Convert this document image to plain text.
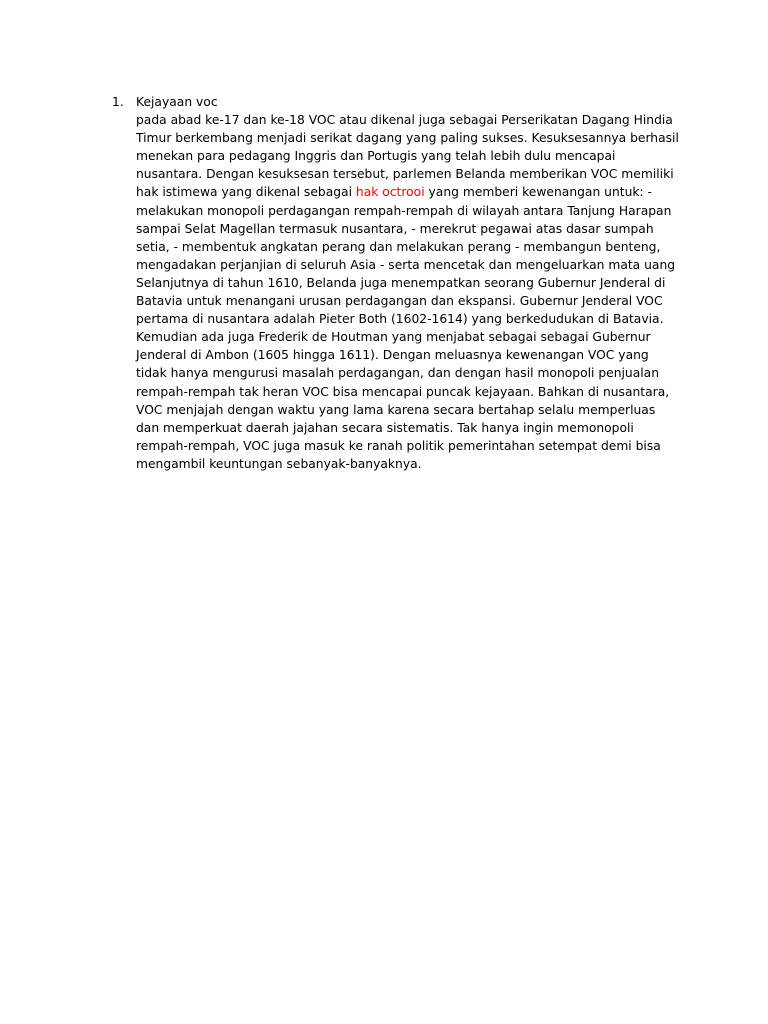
1. Kejayaan voc

pada abad ke-17 dan ke-18 VOC atau dikenal juga sebagai Perserikatan Dagang Hindia Timur berkembang menjadi serikat dagang yang paling sukses. Kesuksesannya berhasil menekan para pedagang Inggris dan Portugis yang telah lebih dulu mencapai nusantara. Dengan kesuksesan tersebut, parlemen Belanda memberikan VOC memiliki hak istimewa yang dikenal sebagai hak octrooi yang memberi kewenangan untuk: - melakukan monopoli perdagangan rempah-rempah di wilayah antara Tanjung Harapan sampai Selat Magellan termasuk nusantara, - merekrut pegawai atas dasar sumpah setia, - membentuk angkatan perang dan melakukan perang - membangun benteng, mengadakan perjanjian di seluruh Asia - serta mencetak dan mengeluarkan mata uang Selanjutnya di tahun 1610, Belanda juga menempatkan seorang Gubernur Jenderal di Batavia untuk menangani urusan perdagangan dan ekspansi. Gubernur Jenderal VOC pertama di nusantara adalah Pieter Both (1602-1614) yang berkedudukan di Batavia. Kemudian ada juga Frederik de Houtman yang menjabat sebagai sebagai Gubernur Jenderal di Ambon (1605 hingga 1611). Dengan meluasnya kewenangan VOC yang tidak hanya mengurusi masalah perdagangan, dan dengan hasil monopoli penjualan rempah-rempah tak heran VOC bisa mencapai puncak kejayaan. Bahkan di nusantara, VOC menjajah dengan waktu yang lama karena secara bertahap selalu memperluas dan memperkuat daerah jajahan secara sistematis. Tak hanya ingin memonopoli rempah-rempah, VOC juga masuk ke ranah politik pemerintahan setempat demi bisa mengambil keuntungan sebanyak-banyaknya.
